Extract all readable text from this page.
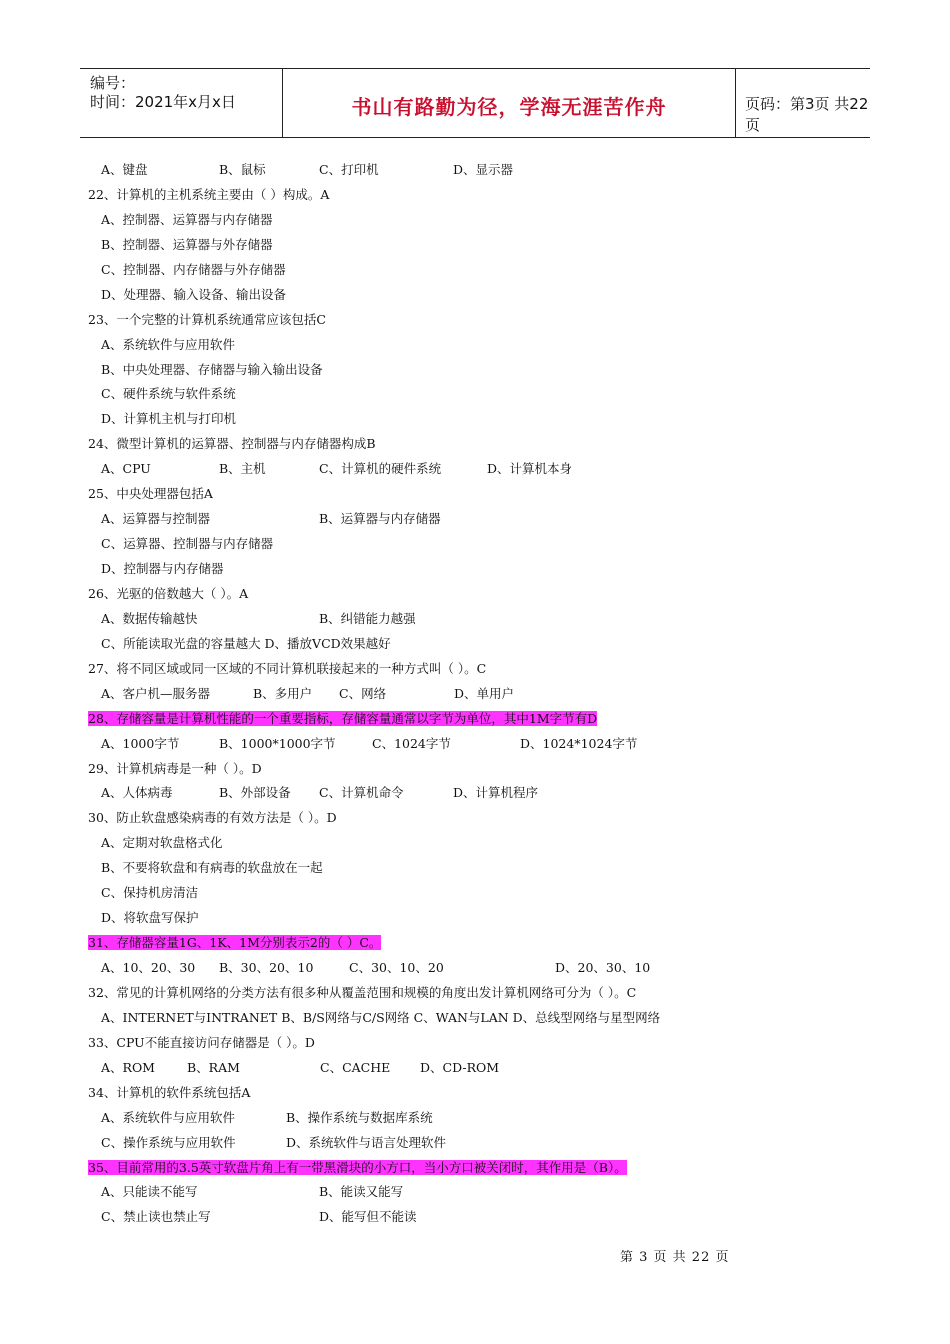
编号：
时间：2021年x月x日	书山有路勤为径，学海无涯苦作舟	页码：第3页 共22页
A、键盘	B、鼠标	C、打印机	D、显示器
22、计算机的主机系统主要由（ ）构成。A
A、控制器、运算器与内存储器
B、控制器、运算器与外存储器
C、控制器、内存储器与外存储器
D、处理器、输入设备、输出设备
23、一个完整的计算机系统通常应该包括C
A、系统软件与应用软件
B、中央处理器、存储器与输入输出设备
C、硬件系统与软件系统
D、计算机主机与打印机
24、微型计算机的运算器、控制器与内存储器构成B
A、CPU	B、主机	C、计算机的硬件系统	D、计算机本身
25、中央处理器包括A
A、运算器与控制器	B、运算器与内存储器
C、运算器、控制器与内存储器
D、控制器与内存储器
26、光驱的倍数越大（ ）。A
A、数据传输越快	B、纠错能力越强
C、所能读取光盘的容量越大 D、播放VCD效果越好
27、将不同区域或同一区域的不同计算机联接起来的一种方式叫（ ）。C
A、客户机—服务器	B、多用户 C、网络	D、单用户
28、存储容量是计算机性能的一个重要指标，存储容量通常以字节为单位，其中1M字节有D
A、1000字节	B、1000*1000字节	C、1024字节	D、1024*1024字节
29、计算机病毒是一种（ ）。D
A、人体病毒	B、外部设备 C、计算机命令	D、计算机程序
30、防止软盘感染病毒的有效方法是（ ）。D
A、定期对软盘格式化
B、不要将软盘和有病毒的软盘放在一起
C、保持机房清洁
D、将软盘写保护
31、存储器容量1G、1K、1M分别表示2的（ ）C。
A、10、20、30 B、30、20、10	C、30、10、20	D、20、30、10
32、常见的计算机网络的分类方法有很多种从覆盖范围和规模的角度出发计算机网络可分为（ ）。C
A、INTERNET与INTRANET B、B/S网络与C/S网络 C、WAN与LAN D、总线型网络与星型网络
33、CPU不能直接访问存储器是（ ）。D
A、ROM	B、RAM	C、CACHE D、CD-ROM
34、计算机的软件系统包括A
A、系统软件与应用软件	B、操作系统与数据库系统
C、操作系统与应用软件	D、系统软件与语言处理软件
35、目前常用的3.5英寸软盘片角上有一带黑滑块的小方口，当小方口被关闭时，其作用是（B）。
A、只能读不能写	B、能读又能写
C、禁止读也禁止写	D、能写但不能读
第 3 页 共 22 页
